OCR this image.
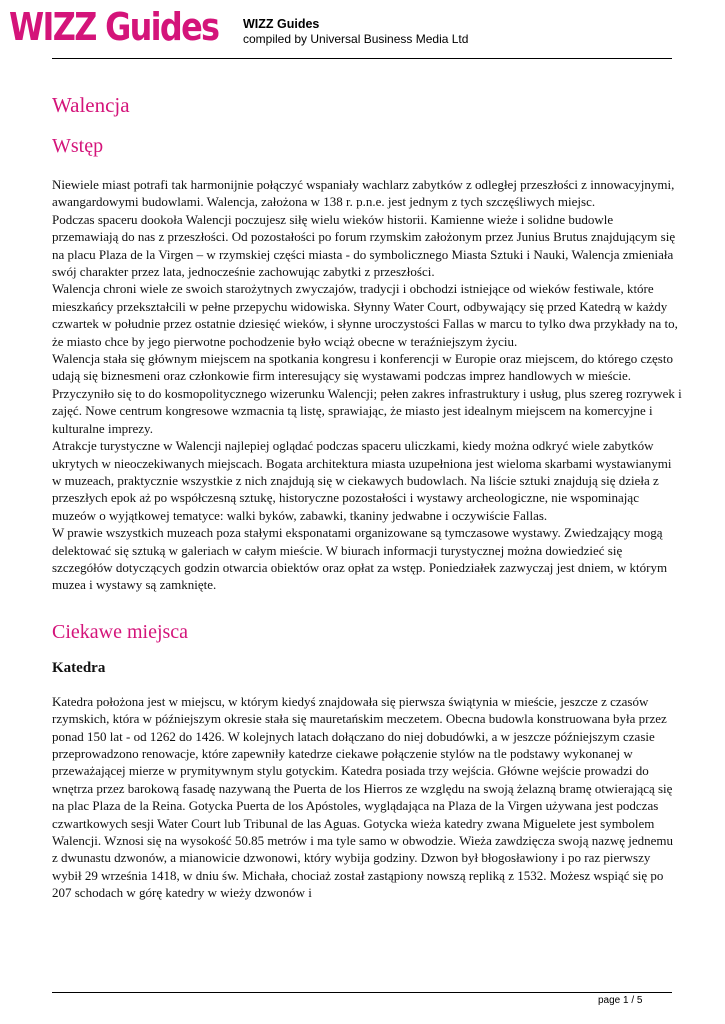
WIZZ Guides WIZZ Guides
compiled by Universal Business Media Ltd
Walencja
Wstęp

Niewiele miast potrafi tak harmonijnie połączyć wspaniały wachlarz zabytków z odległej przeszłości z innowacyjnymi, awangardowymi budowlami. Walencja, założona w 138 r. p.n.e. jest jednym z tych szczęśliwych miejsc.

Podczas spaceru dookoła Walencji poczujesz siłę wielu wieków historii. Kamienne wieże i solidne budowle przemawiają do nas z przeszłości. Od pozostałości po forum rzymskim założonym przez Junius Brutus znajdującym się na placu Plaza de la Virgen – w rzymskiej części miasta - do symbolicznego Miasta Sztuki i Nauki, Walencja zmieniała swój charakter przez lata, jednocześnie zachowując zabytki z przeszłości.

Walencja chroni wiele ze swoich starożytnych zwyczajów, tradycji i obchodzi istniejące od wieków festiwale, które mieszkańcy przekształcili w pełne przepychu widowiska. Słynny Water Court, odbywający się przed Katedrą w każdy czwartek w południe przez ostatnie dziesięć wieków, i słynne uroczystości Fallas w marcu to tylko dwa przykłady na to, że miasto chce by jego pierwotne pochodzenie było wciąż obecne w teraźniejszym życiu.

Walencja stała się głównym miejscem na spotkania kongresu i konferencji w Europie oraz miejscem, do którego często udają się biznesmeni oraz członkowie firm interesujący się wystawami podczas imprez handlowych w mieście. Przyczyniło się to do kosmopolitycznego wizerunku Walencji; pełen zakres infrastruktury i usług, plus szereg rozrywek i zajęć. Nowe centrum kongresowe wzmacnia tą listę, sprawiając, że miasto jest idealnym miejscem na komercyjne i kulturalne imprezy.

Atrakcje turystyczne w Walencji najlepiej oglądać podczas spaceru uliczkami, kiedy można odkryć wiele zabytków ukrytych w nieoczekiwanych miejscach. Bogata architektura miasta uzupełniona jest wieloma skarbami wystawianymi w muzeach, praktycznie wszystkie z nich znajdują się w ciekawych budowlach. Na liście sztuki znajdują się dzieła z przeszłych epok aż po współczesną sztukę, historyczne pozostałości i wystawy archeologiczne, nie wspominając muzeów o wyjątkowej tematyce: walki byków, zabawki, tkaniny jedwabne i oczywiście Fallas.

W prawie wszystkich muzeach poza stałymi eksponatami organizowane są tymczasowe wystawy. Zwiedzający mogą delektować się sztuką w galeriach w całym mieście. W biurach informacji turystycznej można dowiedzieć się szczegółów dotyczących godzin otwarcia obiektów oraz opłat za wstęp. Poniedziałek zazwyczaj jest dniem, w którym muzea i wystawy są zamknięte.

Ciekawe miejsca
Katedra

Katedra położona jest w miejscu, w którym kiedyś znajdowała się pierwsza świątynia w mieście, jeszcze z czasów rzymskich, która w późniejszym okresie stała się mauretańskim meczetem. Obecna budowla konstruowana była przez ponad 150 lat - od 1262 do 1426. W kolejnych latach dołączano do niej dobudówki, a w jeszcze późniejszym czasie przeprowadzono renowacje, które zapewniły katedrze ciekawe połączenie stylów na tle podstawy wykonanej w przeważającej mierze w prymitywnym stylu gotyckim. Katedra posiada trzy wejścia. Główne wejście prowadzi do wnętrza przez barokową fasadę nazywaną the Puerta de los Hierros ze względu na swoją żelazną bramę otwierającą się na plac Plaza de la Reina. Gotycka Puerta de los Apóstoles, wyglądająca na Plaza de la Virgen używana jest podczas czwartkowych sesji Water Court lub Tribunal de las Aguas. Gotycka wieża katedry zwana Miguelete jest symbolem Walencji. Wznosi się na wysokość 50.85 metrów i ma tyle samo w obwodzie. Wieża zawdzięcza swoją nazwę jednemu z dwunastu dzwonów, a mianowicie dzwonowi, który wybija godziny. Dzwon był błogosławiony i po raz pierwszy wybił 29 września 1418, w dniu św. Michała, chociaż został zastąpiony nowszą repliką z 1532. Możesz wspiąć się po 207 schodach w górę katedry w wieży dzwonów i

page 1 / 5
